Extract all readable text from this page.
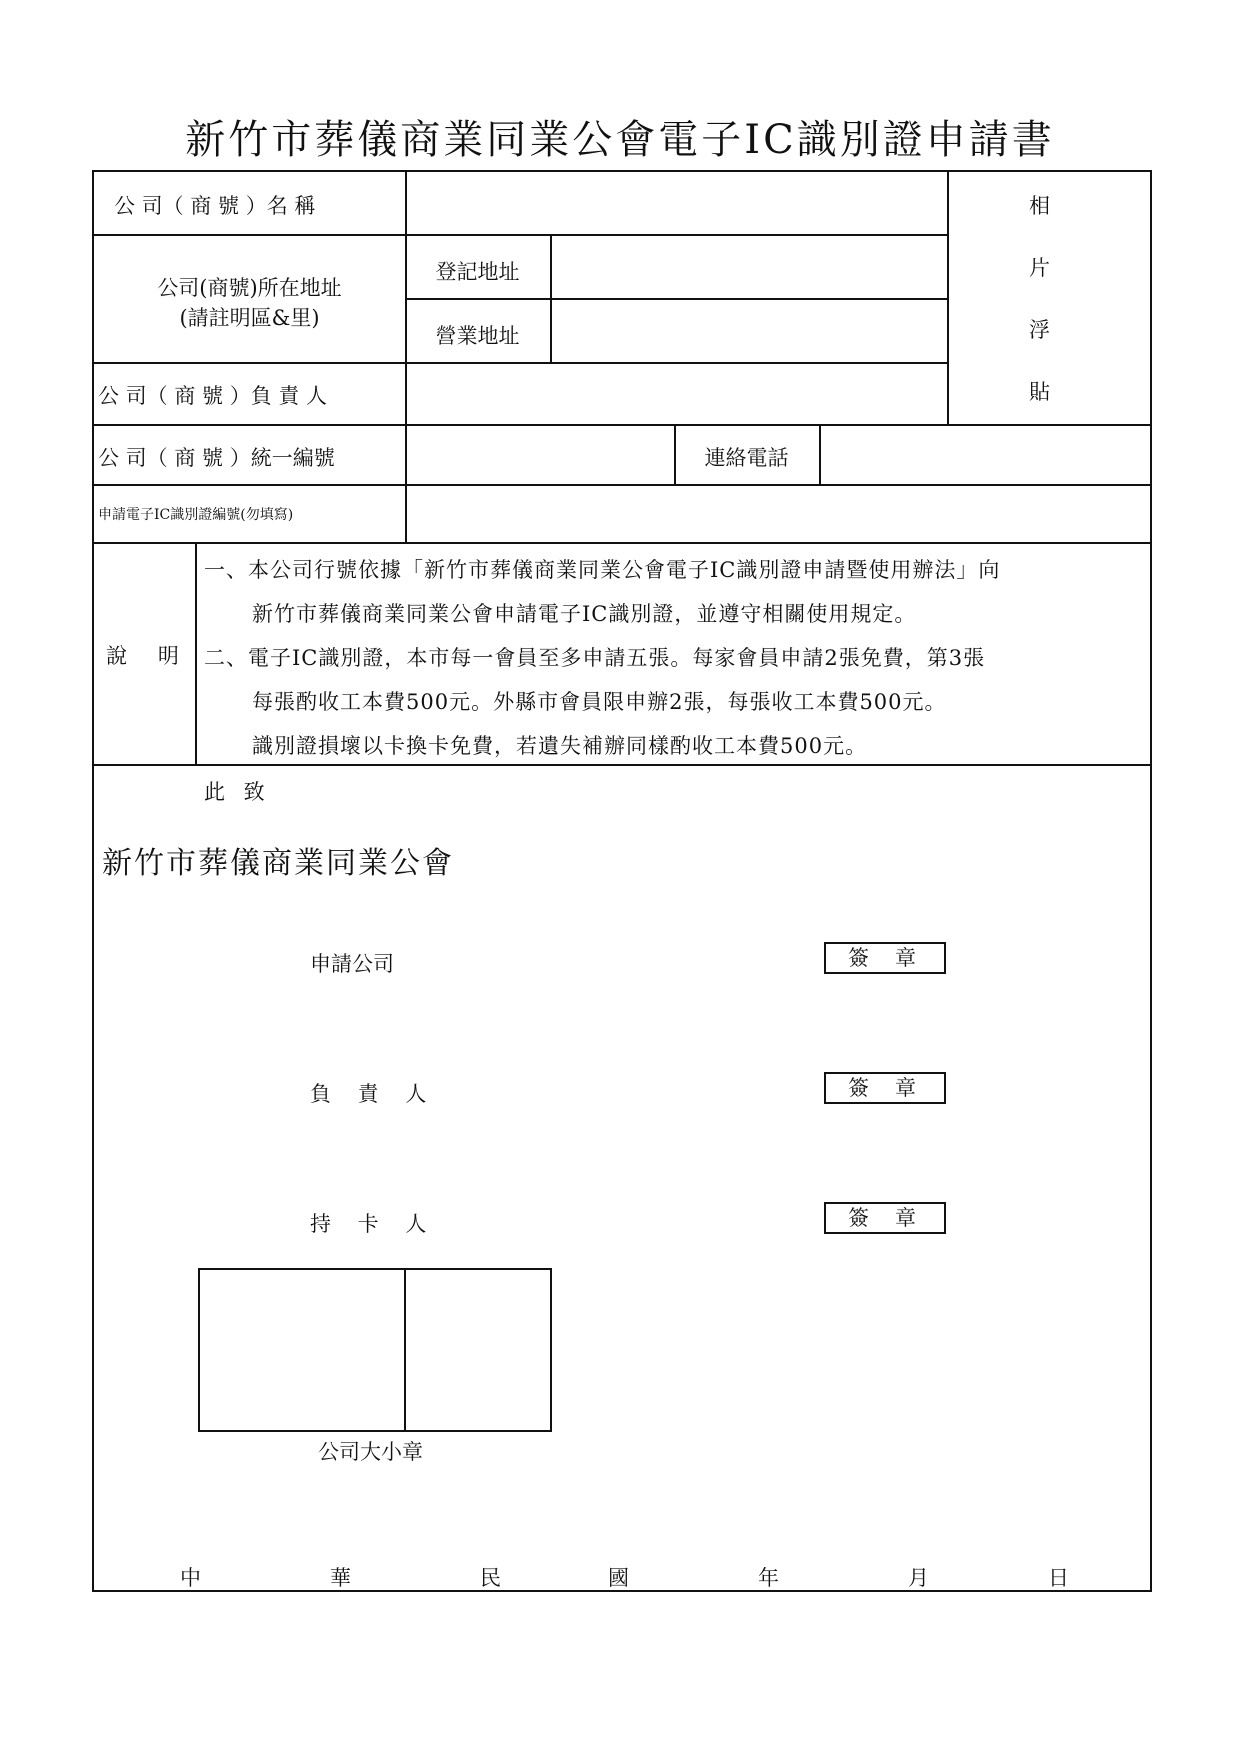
新竹市葬儀商業同業公會電子IC識別證申請書
公 司（ 商 號 ）名 稱
公司(商號)所在地址
(請註明區&里)
登記地址
營業地址
公 司（ 商 號 ）負 責 人
公 司（ 商 號 ）統一編號	連絡電話
申請電子IC識別證編號(勿填寫)
相
片
浮
貼
說 明
一、本公司行號依據「新竹市葬儀商業同業公會電子IC識別證申請暨使用辦法」向
新竹市葬儀商業同業公會申請電子IC識別證，並遵守相關使用規定。
二、電子IC識別證，本市每一會員至多申請五張。每家會員申請2張免費，第3張
每張酌收工本費500元。外縣市會員限申辦2張，每張收工本費500元。
識別證損壞以卡換卡免費，若遺失補辦同樣酌收工本費500元。
此 致
新竹市葬儀商業同業公會
申請公司
負 責 人
持 卡 人
簽章
簽章
簽章
公司大小章
中	華	民	國	年	月	日
